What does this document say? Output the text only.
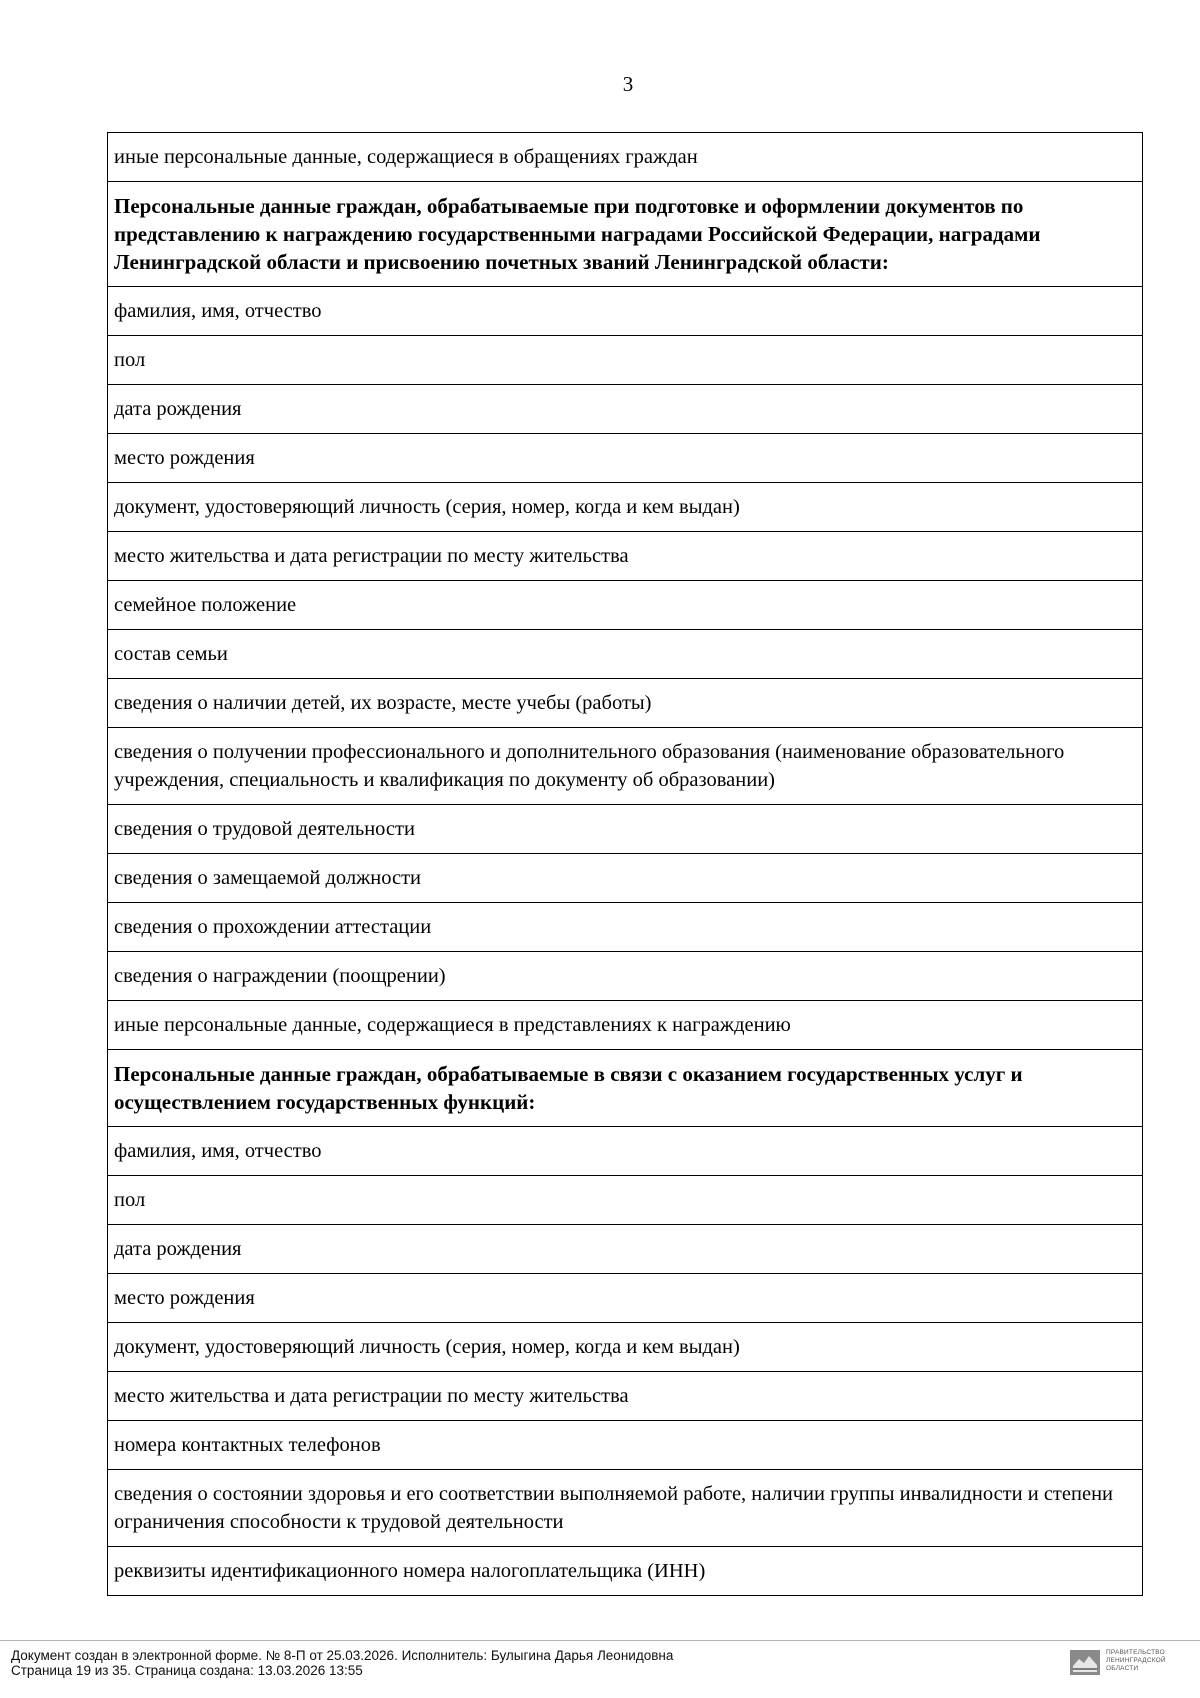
3
иные персональные данные, содержащиеся в обращениях граждан
Персональные данные граждан, обрабатываемые при подготовке и оформлении документов по представлению к награждению государственными наградами Российской Федерации, наградами Ленинградской области и присвоению почетных званий Ленинградской области:
фамилия, имя, отчество
пол
дата рождения
место рождения
документ, удостоверяющий личность (серия, номер, когда и кем выдан)
место жительства и дата регистрации по месту жительства
семейное положение
состав семьи
сведения о наличии детей, их возрасте, месте учебы (работы)
сведения о получении профессионального и дополнительного образования (наименование образовательного учреждения, специальность и квалификация по документу об образовании)
сведения о трудовой деятельности
сведения о замещаемой должности
сведения о прохождении аттестации
сведения о награждении (поощрении)
иные персональные данные, содержащиеся в представлениях к награждению
Персональные данные граждан, обрабатываемые в связи с оказанием государственных услуг и осуществлением государственных функций:
фамилия, имя, отчество
пол
дата рождения
место рождения
документ, удостоверяющий личность (серия, номер, когда и кем выдан)
место жительства и дата регистрации по месту жительства
номера контактных телефонов
сведения о состоянии здоровья и его соответствии выполняемой работе, наличии группы инвалидности и степени ограничения способности к трудовой деятельности
реквизиты идентификационного номера налогоплательщика (ИНН)
Документ создан в электронной форме. № 8-П от 25.03.2026. Исполнитель: Булыгина Дарья Леонидовна
Страница 19 из 35. Страница создана: 13.03.2026 13:55
ПРАВИТЕЛЬСТВО
ЛЕНИНГРАДСКОЙ
ОБЛАСТИ
